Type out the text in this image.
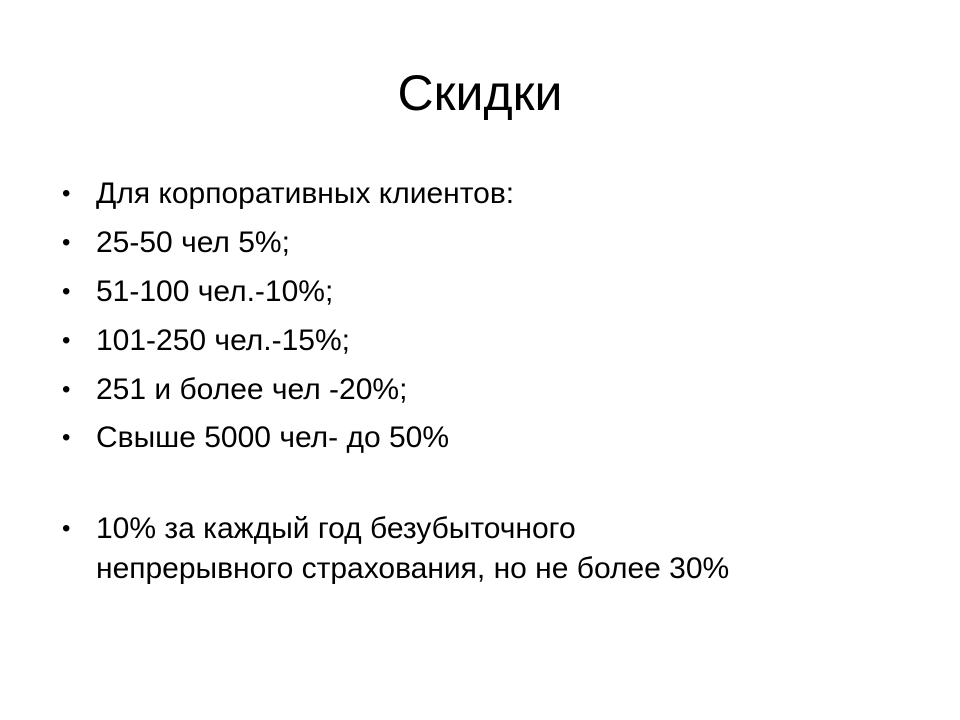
Скидки
• Для корпоративных клиентов:
• 25-50 чел 5%;
• 51-100 чел.-10%;
• 101-250 чел.-15%;
• 251 и более чел -20%;
• Свыше 5000 чел- до 50%
• 10% за каждый год безубыточного
непрерывного страхования, но не более 30%
